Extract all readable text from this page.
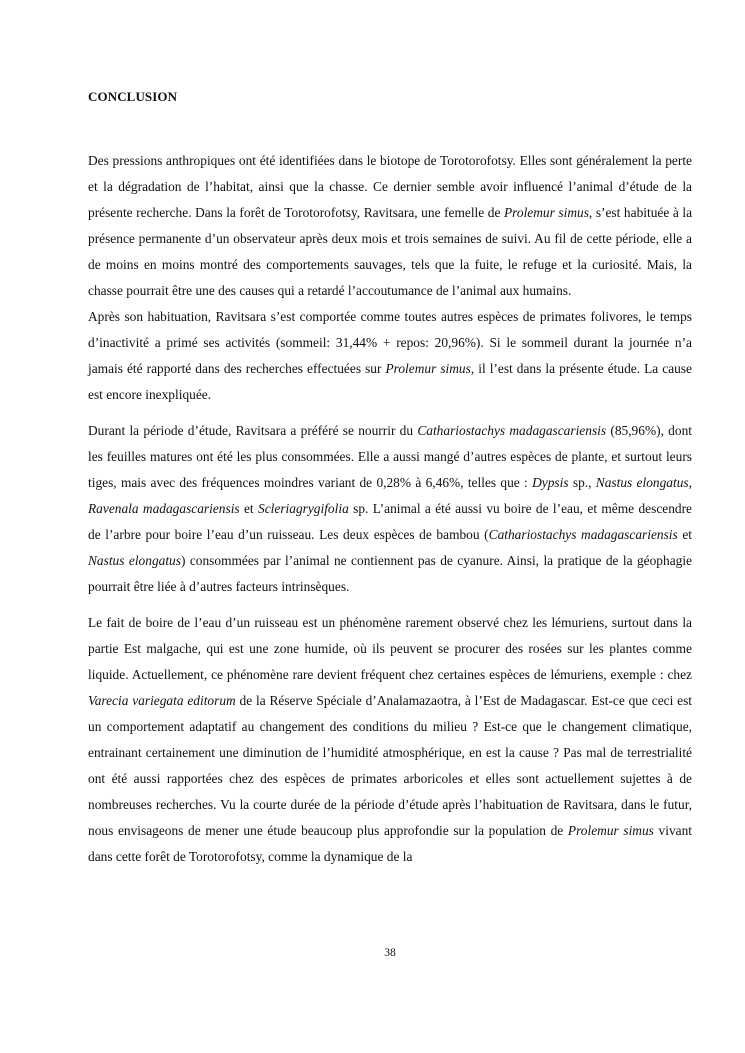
CONCLUSION

Des pressions anthropiques ont été identifiées dans le biotope de Torotorofotsy. Elles sont généralement la perte et la dégradation de l’habitat, ainsi que la chasse. Ce dernier semble avoir influencé l’animal d’étude de la présente recherche. Dans la forêt de Torotorofotsy, Ravitsara, une femelle de Prolemur simus, s’est habituée à la présence permanente d’un observateur après deux mois et trois semaines de suivi. Au fil de cette période, elle a de moins en moins montré des comportements sauvages, tels que la fuite, le refuge et la curiosité. Mais, la chasse pourrait être une des causes qui a retardé l’accoutumance de l’animal aux humains.

Après son habituation, Ravitsara s’est comportée comme toutes autres espèces de primates folivores, le temps d’inactivité a primé ses activités (sommeil: 31,44% + repos: 20,96%). Si le sommeil durant la journée n’a jamais été rapporté dans des recherches effectuées sur Prolemur simus, il l’est dans la présente étude. La cause est encore inexpliquée.

Durant la période d’étude, Ravitsara a préféré se nourrir du Cathariostachys madagascariensis (85,96%), dont les feuilles matures ont été les plus consommées. Elle a aussi mangé d’autres espèces de plante, et surtout leurs tiges, mais avec des fréquences moindres variant de 0,28% à 6,46%, telles que : Dypsis sp., Nastus elongatus, Ravenala madagascariensis et Scleriagrygifolia sp. L’animal a été aussi vu boire de l’eau, et même descendre de l’arbre pour boire l’eau d’un ruisseau. Les deux espèces de bambou (Cathariostachys madagascariensis et Nastus elongatus) consommées par l’animal ne contiennent pas de cyanure. Ainsi, la pratique de la géophagie pourrait être liée à d’autres facteurs intrinsèques.

Le fait de boire de l’eau d’un ruisseau est un phénomène rarement observé chez les lémuriens, surtout dans la partie Est malgache, qui est une zone humide, où ils peuvent se procurer des rosées sur les plantes comme liquide. Actuellement, ce phénomène rare devient fréquent chez certaines espèces de lémuriens, exemple : chez Varecia variegata editorum de la Réserve Spéciale d’Analamazaotra, à l’Est de Madagascar. Est-ce que ceci est un comportement adaptatif au changement des conditions du milieu ? Est-ce que le changement climatique, entrainant certainement une diminution de l’humidité atmosphérique, en est la cause ? Pas mal de terrestrialité ont été aussi rapportées chez des espèces de primates arboricoles et elles sont actuellement sujettes à de nombreuses recherches. Vu la courte durée de la période d’étude après l’habituation de Ravitsara, dans le futur, nous envisageons de mener une étude beaucoup plus approfondie sur la population de Prolemur simus vivant dans cette forêt de Torotorofotsy, comme la dynamique de la

38
